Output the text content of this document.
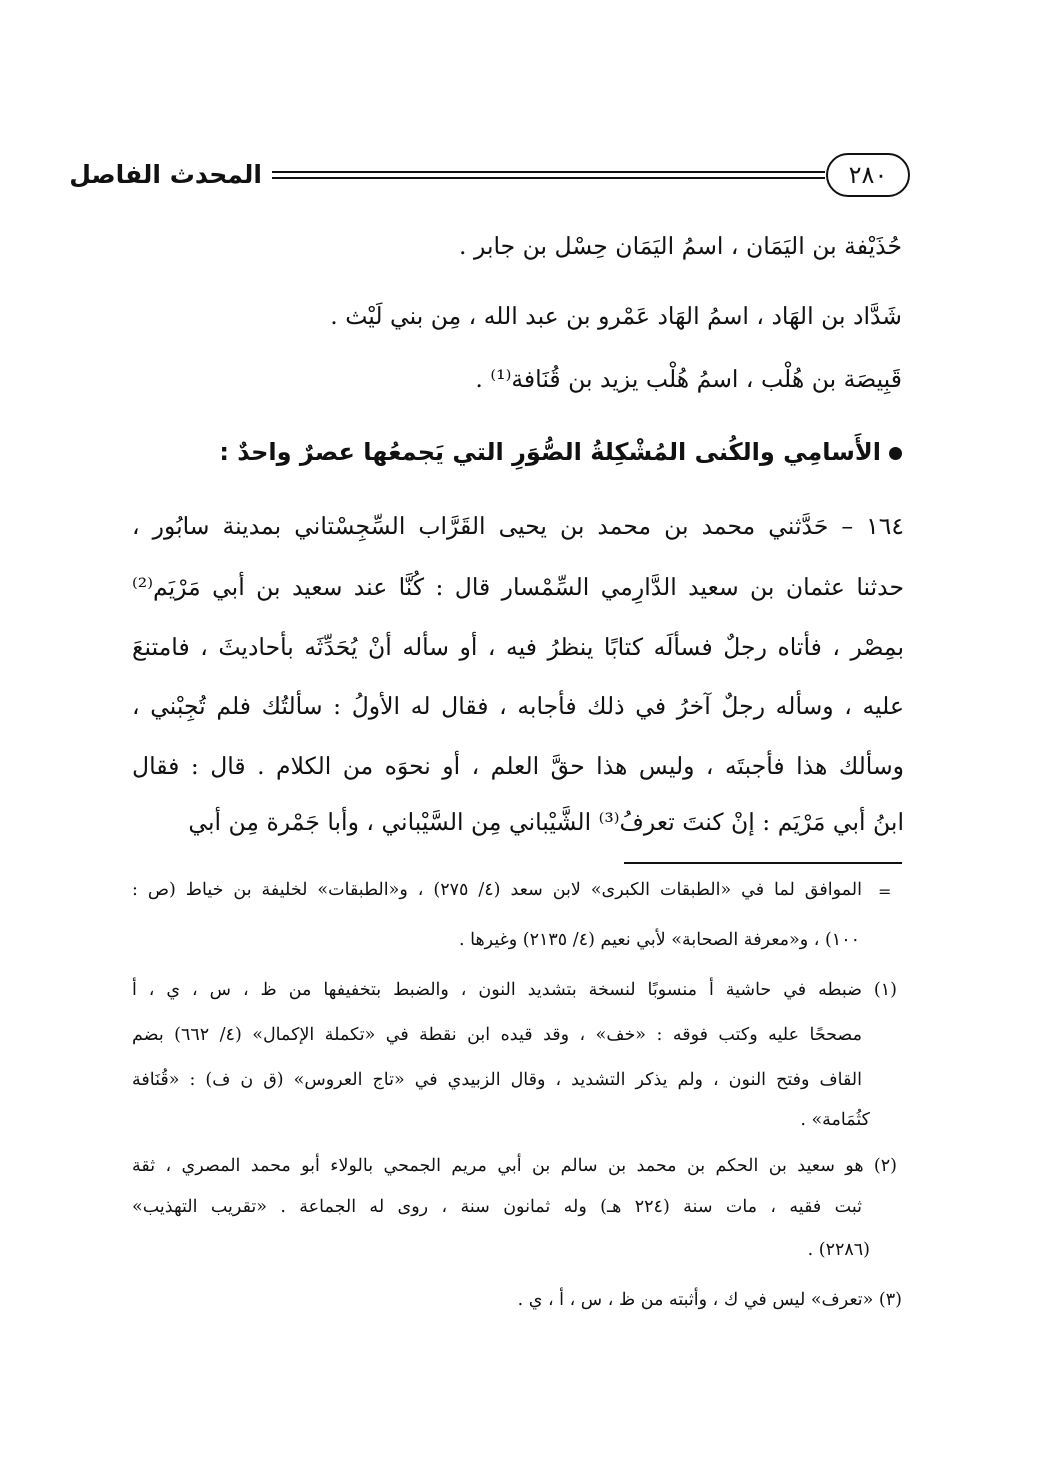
المحدث الفاصل	٢٨٠
حُذَيْفة بن اليَمَان ، اسمُ اليَمَان حِسْل بن جابر .
شَدَّاد بن الهَاد ، اسمُ الهَاد عَمْرو بن عبد الله ، مِن بني لَيْث .
قَبِيصَة بن هُلْب ، اسمُ هُلْب يزيد بن قُنَافة⁽¹⁾ .
الأَسامِي والكُنى المُشْكِلةُ الصُّوَرِ التي يَجمعُها عصرٌ واحدٌ :
١٦٤ – حَدَّثني محمد بن محمد بن يحيى القَرَّاب السِّجِسْتاني بمدينة سابُور ،
حدثنا عثمان بن سعيد الدَّارِمي السِّمْسار قال : كُنَّا عند سعيد بن أبي مَرْيَم⁽²⁾
بمِصْر ، فأتاه رجلٌ فسألَه كتابًا ينظرُ فيه ، أو سأله أنْ يُحَدِّثَه بأحاديثَ ، فامتنعَ
عليه ، وسأله رجلٌ آخرُ في ذلك فأجابه ، فقال له الأولُ : سألتُك فلم تُجِبْني ،
وسألك هذا فأجبتَه ، وليس هذا حقَّ العلم ، أو نحوَه من الكلام . قال : فقال
ابنُ أبي مَرْيَم : إنْ كنتَ تعرفُ⁽³⁾ الشَّيْباني مِن السَّيْباني ، وأبا جَمْرة مِن أبي
=
الموافق لما في «الطبقات الكبرى» لابن سعد (٤/ ٢٧٥) ، و«الطبقات» لخليفة بن خياط (ص :
١٠٠) ، و«معرفة الصحابة» لأبي نعيم (٤/ ٢١٣٥) وغيرها .
(١) ضبطه في حاشية أ منسوبًا لنسخة بتشديد النون ، والضبط بتخفيفها من ظ ، س ، ي ، أ
مصححًا عليه وكتب فوقه : «خف» ، وقد قيده ابن نقطة في «تكملة الإكمال» (٤/ ٦٦٢) بضم
القاف وفتح النون ، ولم يذكر التشديد ، وقال الزبيدي في «تاج العروس» (ق ن ف) : «قُنَافة
كثُمَامة» .
(٢) هو سعيد بن الحكم بن محمد بن سالم بن أبي مريم الجمحي بالولاء أبو محمد المصري ، ثقة
ثبت فقيه ، مات سنة (٢٢٤ هـ) وله ثمانون سنة ، روى له الجماعة . «تقريب التهذيب»
(٢٢٨٦) .
(٣) «تعرف» ليس في ك ، وأثبته من ظ ، س ، أ ، ي .
